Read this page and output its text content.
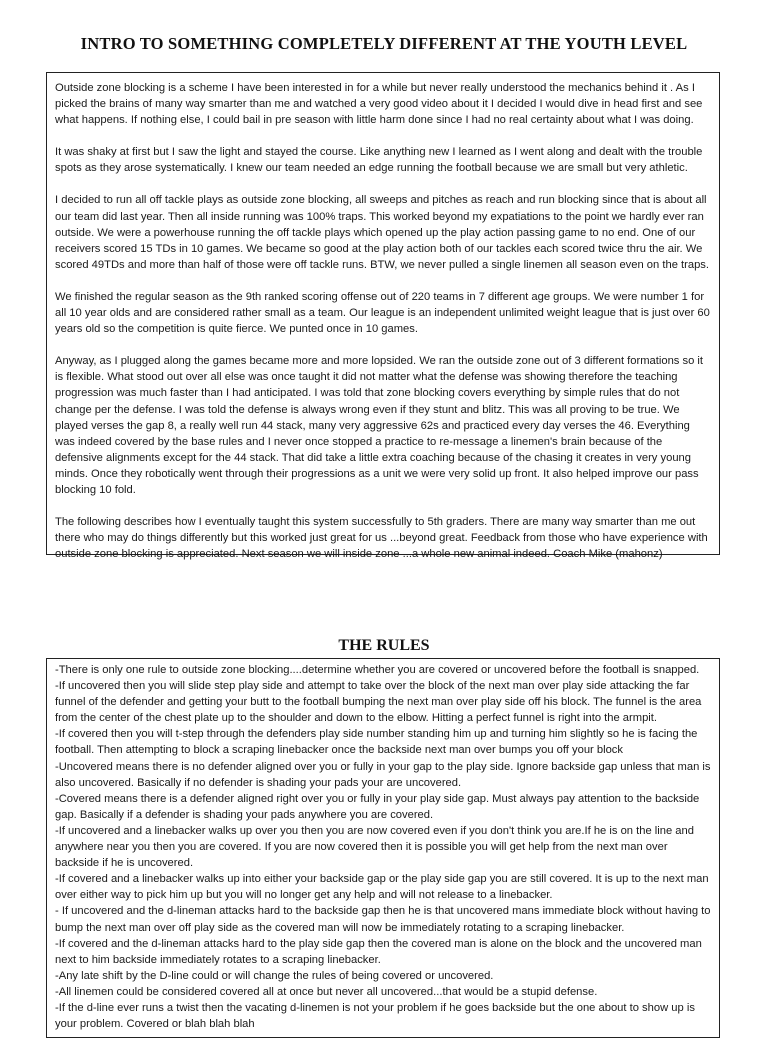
INTRO TO SOMETHING COMPLETELY DIFFERENT AT THE YOUTH LEVEL

Outside zone blocking is a scheme I have been interested in for a while but never really understood the mechanics behind it . As I picked the brains of many way smarter than me and watched a very good video about it I decided I would dive in head first and see what happens. If nothing else, I could bail in pre season with little harm done since I had no real certainty about what I was doing.

It was shaky at first but I saw the light and stayed the course. Like anything new I learned as I went along and dealt with the trouble spots as they arose systematically. I knew our team needed an edge running the football because we are small but very athletic.

I decided to run all off tackle plays as outside zone blocking, all sweeps and pitches as reach and run blocking since that is about all our team did last year. Then all inside running was 100% traps. This worked beyond my expatiations to the point we hardly ever ran outside. We were a powerhouse running the off tackle plays which opened up the play action passing game to no end. One of our receivers scored 15 TDs in 10 games. We became so good at the play action both of our tackles each scored twice thru the air. We scored 49TDs and more than half of those were off tackle runs. BTW, we never pulled a single linemen all season even on the traps.

We finished the regular season as the 9th ranked scoring offense out of 220 teams in 7 different age groups. We were number 1 for all 10 year olds and are considered rather small as a team. Our league is an independent unlimited weight league that is just over 60 years old so the competition is quite fierce. We punted once in 10 games.

Anyway, as I plugged along the games became more and more lopsided. We ran the outside zone out of 3 different formations so it is flexible. What stood out over all else was once taught it did not matter what the defense was showing therefore the teaching progression was much faster than I had anticipated. I was told that zone blocking covers everything by simple rules that do not change per the defense. I was told the defense is always wrong even if they stunt and blitz. This was all proving to be true. We played verses the gap 8, a really well run 44 stack, many very aggressive 62s and practiced every day verses the 46. Everything was indeed covered by the base rules and I never once stopped a practice to re-message a linemen's brain because of the defensive alignments except for the 44 stack. That did take a little extra coaching because of the chasing it creates in very young minds. Once they robotically went through their progressions as a unit we were very solid up front. It also helped improve our pass blocking 10 fold.

The following describes how I eventually taught this system successfully to 5th graders. There are many way smarter than me out there who may do things differently but this worked just great for us ...beyond great. Feedback from those who have experience with outside zone blocking is appreciated. Next season we will inside zone ...a whole new animal indeed. Coach Mike (mahonz)

THE RULES

-There is only one rule to outside zone blocking....determine whether you are covered or uncovered before the football is snapped.

-If uncovered then you will slide step play side and attempt to take over the block of the next man over play side attacking the far funnel of the defender and getting your butt to the football bumping the next man over play side off his block. The funnel is the area from the center of the chest plate up to the shoulder and down to the elbow. Hitting a perfect funnel is right into the armpit.

-If covered then you will t-step through the defenders play side number standing him up and turning him slightly so he is facing the football. Then attempting to block a scraping linebacker once the backside next man over bumps you off your block

-Uncovered means there is no defender aligned over you or fully in your gap to the play side. Ignore backside gap unless that man is also uncovered. Basically if no defender is shading your pads your are uncovered.

-Covered means there is a defender aligned right over you or fully in your play side gap. Must always pay attention to the backside gap. Basically if a defender is shading your pads anywhere you are covered.

-If uncovered and a linebacker walks up over you then you are now covered even if you don't think you are.If he is on the line and anywhere near you then you are covered. If you are now covered then it is possible you will get help from the next man over backside if he is uncovered.

-If covered and a linebacker walks up into either your backside gap or the play side gap you are still covered. It is up to the next man over either way to pick him up but you will no longer get any help and will not release to a linebacker.

- If uncovered and the d-lineman attacks hard to the backside gap then he is that uncovered mans immediate block without having to bump the next man over off play side as the covered man will now be immediately rotating to a scraping linebacker.

-If covered and the d-lineman attacks hard to the play side gap then the covered man is alone on the block and the uncovered man next to him backside immediately rotates to a scraping linebacker.

-Any late shift by the D-line could or will change the rules of being covered or uncovered.

-All linemen could be considered covered all at once but never all uncovered...that would be a stupid defense.

-If the d-line ever runs a twist then the vacating d-linemen is not your problem if he goes backside but the one about to show up is your problem. Covered or blah blah blah
